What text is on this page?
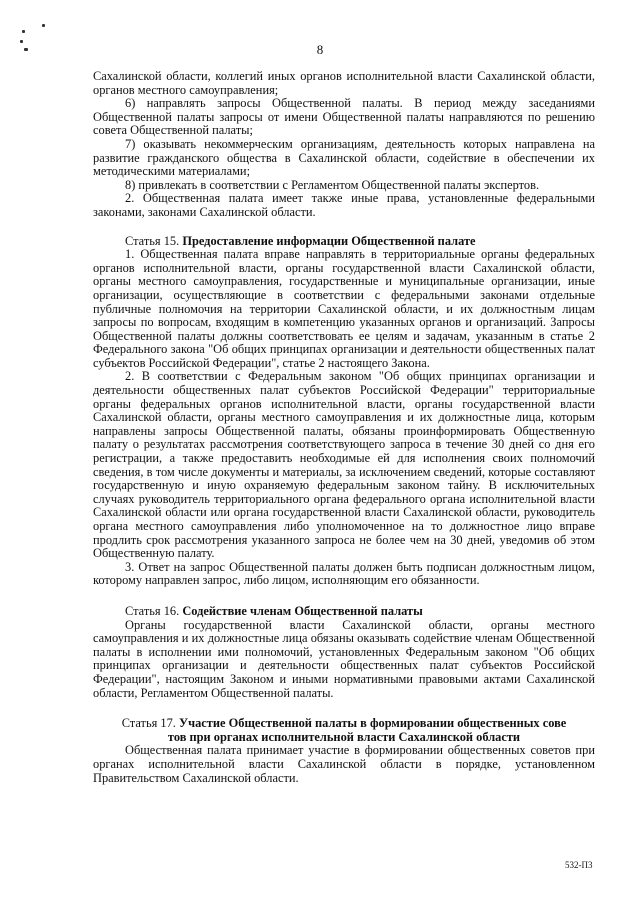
8

Сахалинской области, коллегий иных органов исполнительной власти Сахалинской области, органов местного самоуправления;

6) направлять запросы Общественной палаты. В период между заседаниями Общественной палаты запросы от имени Общественной палаты направляются по решению совета Общественной палаты;

7) оказывать некоммерческим организациям, деятельность которых направлена на развитие гражданского общества в Сахалинской области, содействие в обеспечении их методическими материалами;

8) привлекать в соответствии с Регламентом Общественной палаты экспертов.

2. Общественная палата имеет также иные права, установленные федеральными законами, законами Сахалинской области.

Статья 15. Предоставление информации Общественной палате

1. Общественная палата вправе направлять в территориальные органы федеральных органов исполнительной власти, органы государственной власти Сахалинской области, органы местного самоуправления, государственные и муниципальные организации, иные организации, осуществляющие в соответствии с федеральными законами отдельные публичные полномочия на территории Сахалинской области, и их должностным лицам запросы по вопросам, входящим в компетенцию указанных органов и организаций. Запросы Общественной палаты должны соответствовать ее целям и задачам, указанным в статье 2 Федерального закона "Об общих принципах организации и деятельности общественных палат субъектов Российской Федерации", статье 2 настоящего Закона.

2. В соответствии с Федеральным законом "Об общих принципах организации и деятельности общественных палат субъектов Российской Федерации" территориальные органы федеральных органов исполнительной власти, органы государственной власти Сахалинской области, органы местного самоуправления и их должностные лица, которым направлены запросы Общественной палаты, обязаны проинформировать Общественную палату о результатах рассмотрения соответствующего запроса в течение 30 дней со дня его регистрации, а также предоставить необходимые ей для исполнения своих полномочий сведения, в том числе документы и материалы, за исключением сведений, которые составляют государственную и иную охраняемую федеральным законом тайну. В исключительных случаях руководитель территориального органа федерального органа исполнительной власти Сахалинской области или органа государственной власти Сахалинской области, руководитель органа местного самоуправления либо уполномоченное на то должностное лицо вправе продлить срок рассмотрения указанного запроса не более чем на 30 дней, уведомив об этом Общественную палату.

3. Ответ на запрос Общественной палаты должен быть подписан должностным лицом, которому направлен запрос, либо лицом, исполняющим его обязанности.

Статья 16. Содействие членам Общественной палаты

Органы государственной власти Сахалинской области, органы местного самоуправления и их должностные лица обязаны оказывать содействие членам Общественной палаты в исполнении ими полномочий, установленных Федеральным законом "Об общих принципах организации и деятельности общественных палат субъектов Российской Федерации", настоящим Законом и иными нормативными правовыми актами Сахалинской области, Регламентом Общественной палаты.

Статья 17. Участие Общественной палаты в формировании общественных сове

тов при органах исполнительной власти Сахалинской области

Общественная палата принимает участие в формировании общественных советов при органах исполнительной власти Сахалинской области в порядке, установленном Правительством Сахалинской области.

532-П3
